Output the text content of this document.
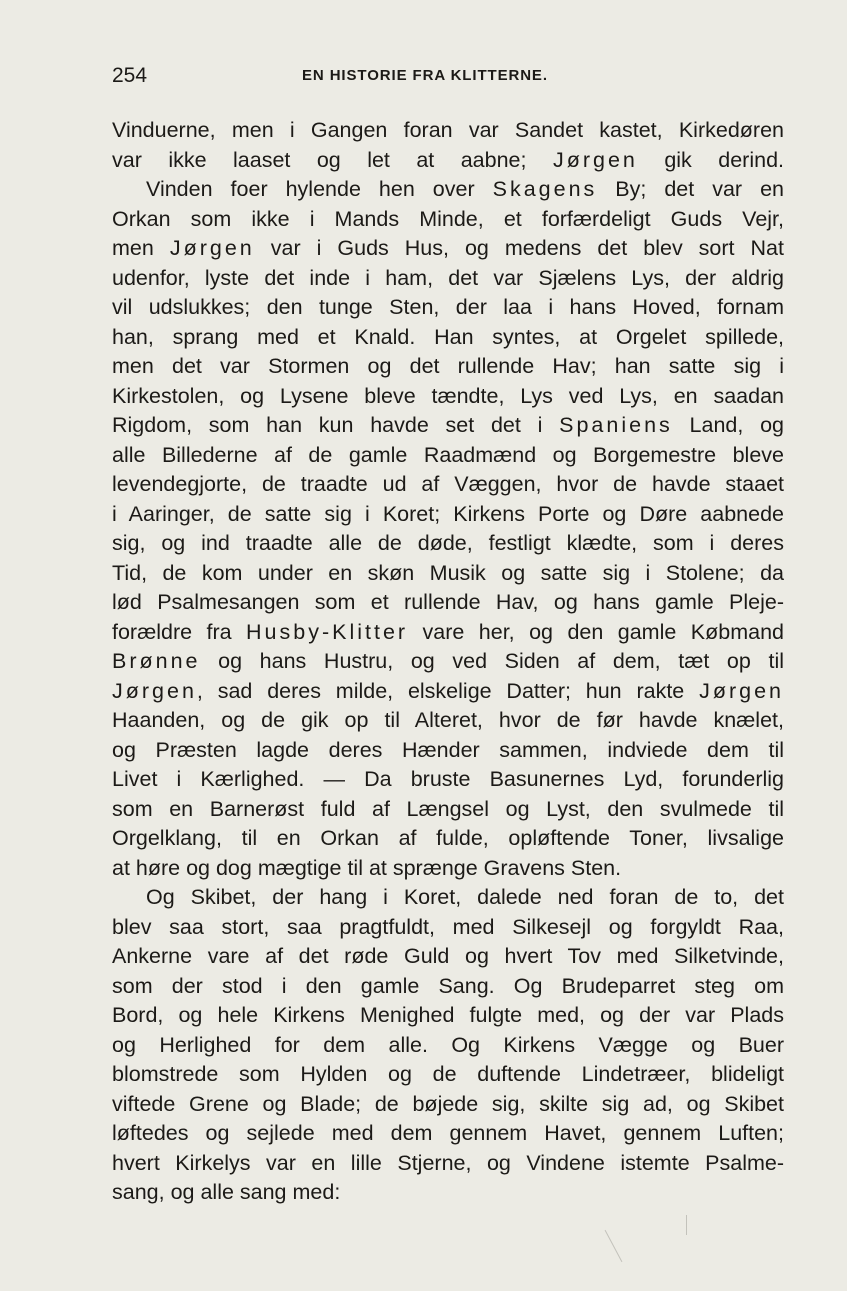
254	EN HISTORIE FRA KLITTERNE.
Vinduerne, men i Gangen foran var Sandet kastet, Kirkedøren
var ikke laaset og let at aabne; Jørgen gik derind.
Vinden foer hylende hen over Skagens By; det var en
Orkan som ikke i Mands Minde, et forfærdeligt Guds Vejr,
men Jørgen var i Guds Hus, og medens det blev sort Nat
udenfor, lyste det inde i ham, det var Sjælens Lys, der aldrig
vil udslukkes; den tunge Sten, der laa i hans Hoved, fornam
han, sprang med et Knald. Han syntes, at Orgelet spillede,
men det var Stormen og det rullende Hav; han satte sig i
Kirkestolen, og Lysene bleve tændte, Lys ved Lys, en saadan
Rigdom, som han kun havde set det i Spaniens Land, og
alle Billederne af de gamle Raadmænd og Borgemestre bleve
levendegjorte, de traadte ud af Væggen, hvor de havde staaet
i Aaringer, de satte sig i Koret; Kirkens Porte og Døre aabnede
sig, og ind traadte alle de døde, festligt klædte, som i deres
Tid, de kom under en skøn Musik og satte sig i Stolene; da
lød Psalmesangen som et rullende Hav, og hans gamle Pleje-
forældre fra Husby-Klitter vare her, og den gamle Købmand
Brønne og hans Hustru, og ved Siden af dem, tæt op til
Jørgen, sad deres milde, elskelige Datter; hun rakte Jørgen
Haanden, og de gik op til Alteret, hvor de før havde knælet,
og Præsten lagde deres Hænder sammen, indviede dem til
Livet i Kærlighed. — Da bruste Basunernes Lyd, forunderlig
som en Barnerøst fuld af Længsel og Lyst, den svulmede til
Orgelklang, til en Orkan af fulde, opløftende Toner, livsalige
at høre og dog mægtige til at sprænge Gravens Sten.
Og Skibet, der hang i Koret, dalede ned foran de to, det
blev saa stort, saa pragtfuldt, med Silkesejl og forgyldt Raa,
Ankerne vare af det røde Guld og hvert Tov med Silketvinde,
som der stod i den gamle Sang. Og Brudeparret steg om
Bord, og hele Kirkens Menighed fulgte med, og der var Plads
og Herlighed for dem alle. Og Kirkens Vægge og Buer
blomstrede som Hylden og de duftende Lindetræer, blideligt
viftede Grene og Blade; de bøjede sig, skilte sig ad, og Skibet
løftedes og sejlede med dem gennem Havet, gennem Luften;
hvert Kirkelys var en lille Stjerne, og Vindene istemte Psalme-
sang, og alle sang med:
